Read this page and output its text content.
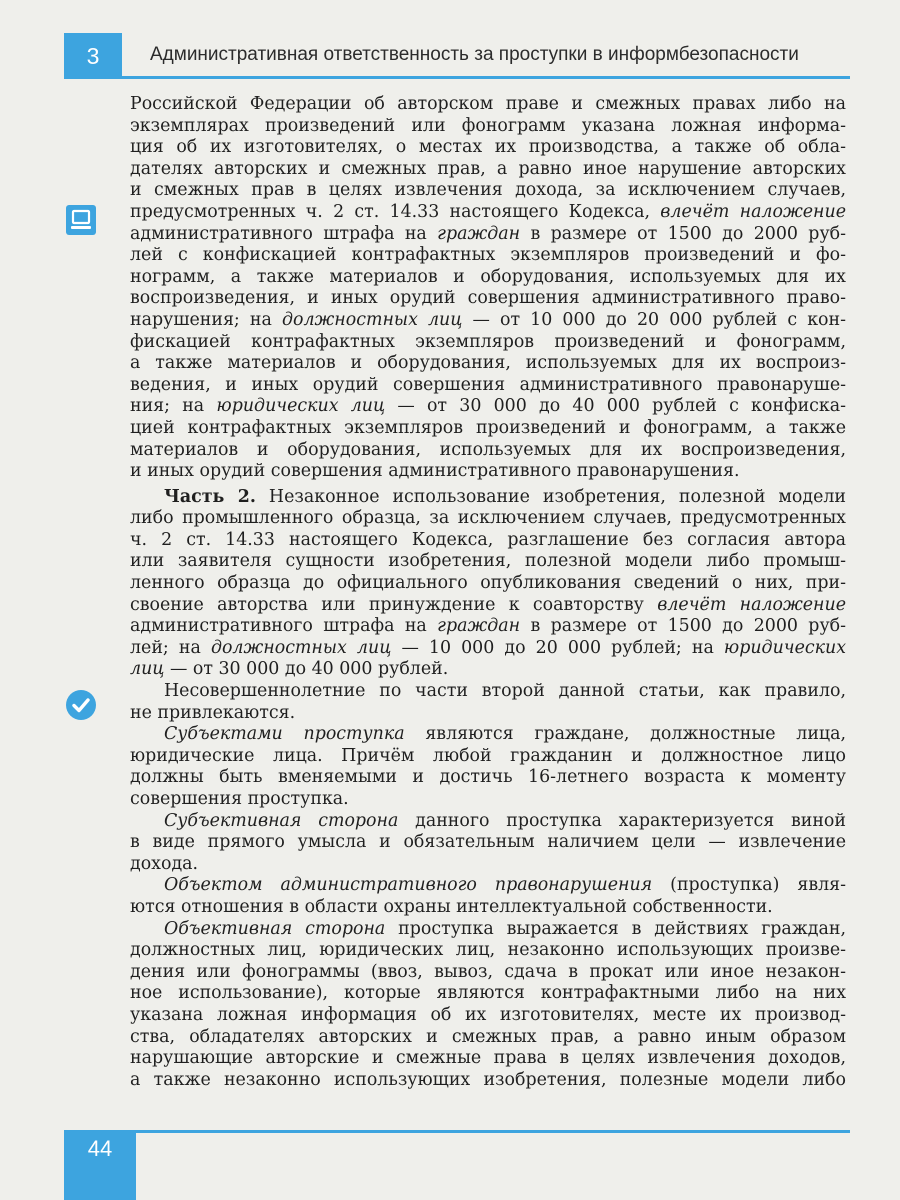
3	Административная ответственность за проступки в информбезопасности

Российской Федерации об авторском праве и смежных правах либо на
экземплярах произведений или фонограмм указана ложная информа-
ция об их изготовителях, о местах их производства, а также об облa-
дателях авторских и смежных прав, а равно иное нарушение авторских
и смежных прав в целях извлечения дохода, за исключением случаев,
предусмотренных ч. 2 ст. 14.33 настоящего Кодекса, влечёт наложение
административного штрафа на граждан в размере от 1500 до 2000 руб-
лей с конфискацией контрафактных экземпляров произведений и фо-
нограмм, а также материалов и оборудования, используемых для их
воспроизведения, и иных орудий совершения административного право-
нарушения; на должностных лиц — от 10 000 до 20 000 рублей с кон-
фискацией контрафактных экземпляров произведений и фонограмм,
а также материалов и оборудования, используемых для их воспроиз-
ведения, и иных орудий совершения административного правонаруше-
ния; на юридических лиц — от 30 000 до 40 000 рублей с конфиска-
цией контрафактных экземпляров произведений и фонограмм, а также
материалов и оборудования, используемых для их воспроизведения,
и иных орудий совершения административного правонарушения.

Часть 2. Незаконное использование изобретения, полезной модели
либо промышленного образца, за исключением случаев, предусмотренных
ч. 2 ст. 14.33 настоящего Кодекса, разглашение без согласия автора
или заявителя сущности изобретения, полезной модели либо промыш-
ленного образца до официального опубликования сведений о них, при-
своение авторства или принуждение к соавторству влечёт наложение
административного штрафа на граждан в размере от 1500 до 2000 руб-
лей; на должностных лиц — 10 000 до 20 000 рублей; на юридических
лиц — от 30 000 до 40 000 рублей.

Несовершеннолетние по части второй данной статьи, как правило,
не привлекаются.

Субъектами проступка являются граждане, должностные лица,
юридические лица. Причём любой гражданин и должностное лицо
должны быть вменяемыми и достичь 16-летнего возраста к моменту
совершения проступка.

Субъективная сторона данного проступка характеризуется виной
в виде прямого умысла и обязательным наличием цели — извлечение
дохода.

Объектом административного правонарушения (проступка) явля-
ются отношения в области охраны интеллектуальной собственности.

Объективная сторона проступка выражается в действиях граждан,
должностных лиц, юридических лиц, незаконно использующих произве-
дения или фонограммы (ввоз, вывоз, сдача в прокат или иное незакон-
ное использование), которые являются контрафактными либо на них
указана ложная информация об их изготовителях, месте их производ-
ства, обладателях авторских и смежных прав, а равно иным образом
нарушающие авторские и смежные права в целях извлечения доходов,
а также незаконно использующих изобретения, полезные модели либо

44
